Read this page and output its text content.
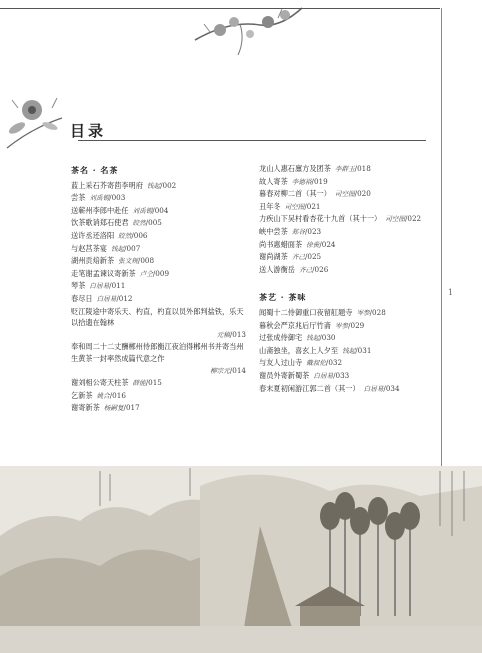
1
目录
茶名 · 名茶
蓝上采石芥寄茴李明府 钱起/002
尝茶 刘禹锡/003
送蕲州李郎中赴任 刘禹锡/004
饮茶歌诮郑石使君 皎然/005
送许丞还洛阳 皎然/006
与赵莒茶宴 钱起/007
湖州贡焙新茶 张文规/008
走笔谢孟谏议寄新茶 卢仝/009
琴茶 白居易/011
春尽日 白居易/012
贬江陵途中寄乐天、杓直，杓直以员外郎判盐铁，乐天以拾遗在翰林
元稹/013
奉和周二十二丈酬郴州侍郎衡江夜泊得郴州书并寄当州生黄茶一封率然成篇代意之作
柳宗元/014
谢刘相公寄天柱茶 薛能/015
乞新茶 姚合/016
谢寄新茶 杨嗣复/017
龙山人惠石廪方及团茶 李群玉/018
故人寄茶 李德裕/019
暮春对柳二首（其一） 司空图/020
丑年冬 司空图/021
力疾山下吴村看杏花十九首（其十一） 司空图/022
峡中尝茶 郑谷/023
尚书惠蜡面茶 徐夤/024
谢尚湖茶 齐己/025
送人游衡岳 齐己/026
茶艺 · 茶味
闻蜀十二侍御重口夜留舡题寺 岑参/028
暮秋会严京兆后厅竹斋 岑参/029
过张成侍御宅 钱起/030
山斋独坐，喜玄上人夕至 钱起/031
与友人过山寺 戴叔伦/032
谢员外寄新蜀茶 白居易/033
春末夏初闲游江郭二首（其一） 白居易/034
